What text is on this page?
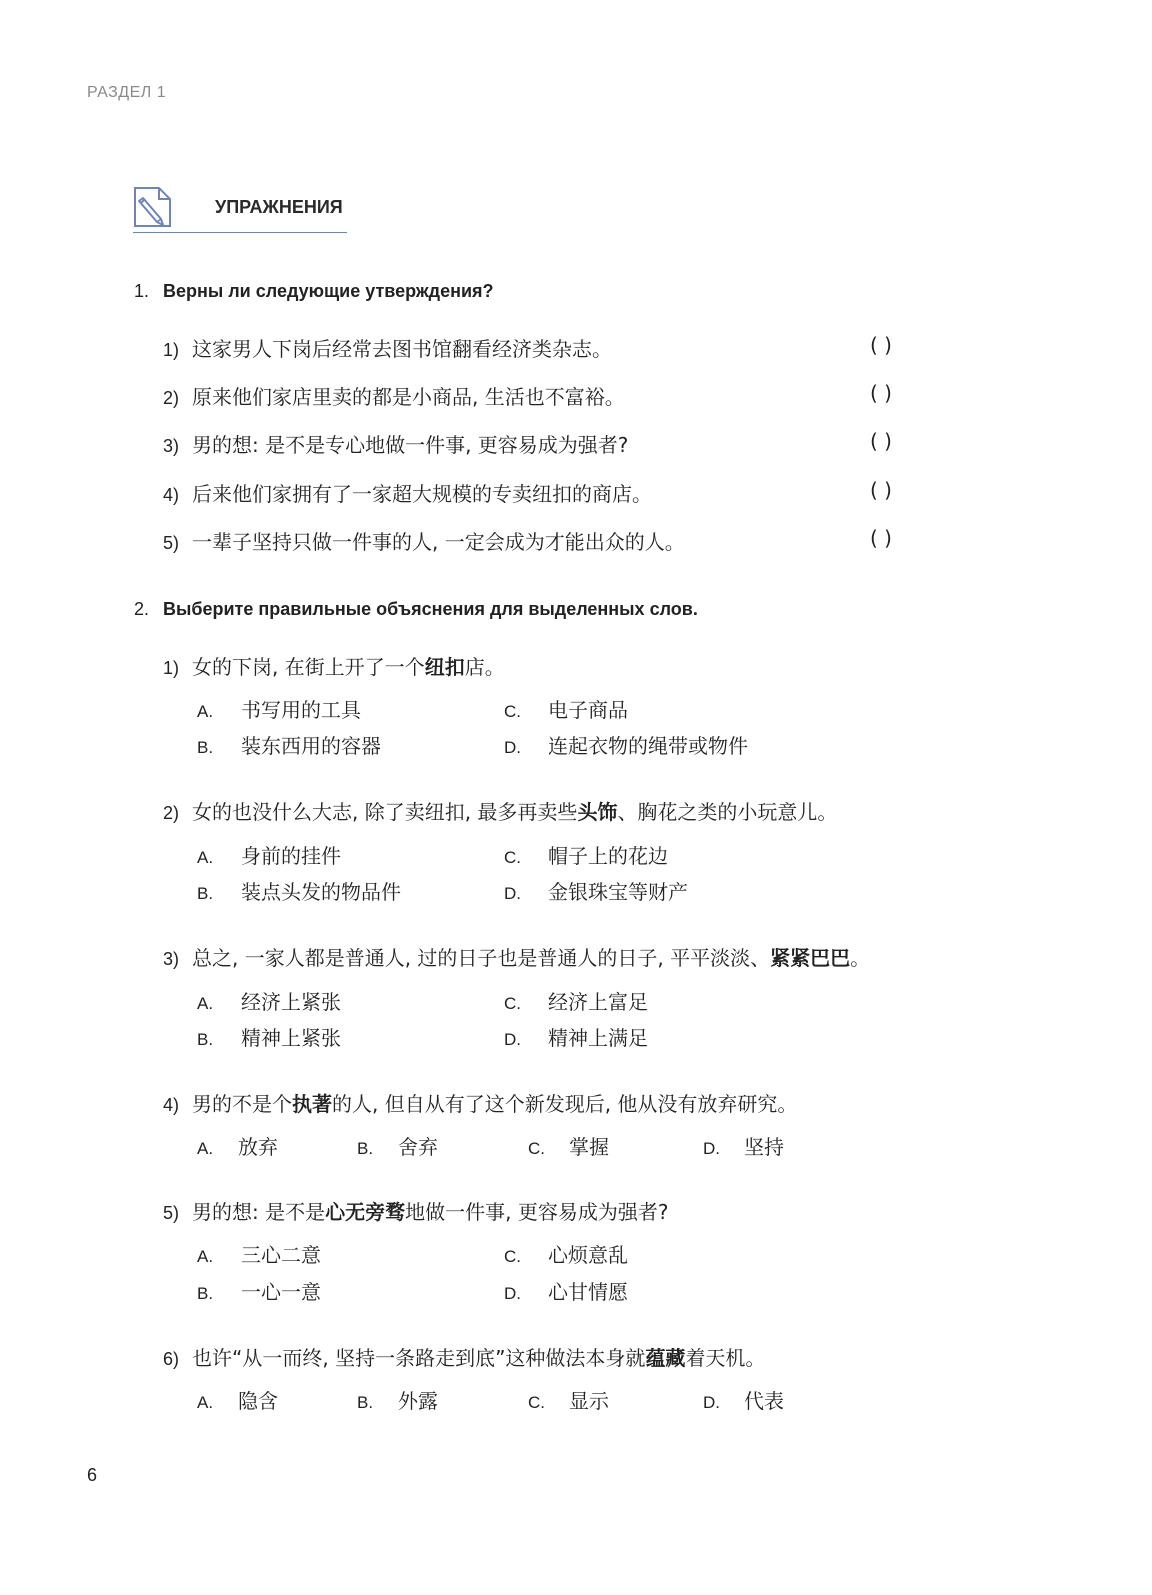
РАЗДЕЛ 1
УПРАЖНЕНИЯ
1. Верны ли следующие утверждения?
1) 这家男人下岗后经常去图书馆翻看经济类杂志。	( )
2) 原来他们家店里卖的都是小商品, 生活也不富裕。	( )
3) 男的想: 是不是专心地做一件事, 更容易成为强者?	( )
4) 后来他们家拥有了一家超大规模的专卖纽扣的商店。	( )
5) 一辈子坚持只做一件事的人, 一定会成为才能出众的人。	( )
2. Выберите правильные объяснения для выделенных слов.
1) 女的下岗, 在街上开了一个纽扣店。
A. 书写用的工具	C. 电子商品
B. 装东西用的容器	D. 连起衣物的绳带或物件
2) 女的也没什么大志, 除了卖纽扣, 最多再卖些头饰、胸花之类的小玩意儿。
A. 身前的挂件	C. 帽子上的花边
B. 装点头发的物品件	D. 金银珠宝等财产
3) 总之, 一家人都是普通人, 过的日子也是普通人的日子, 平平淡淡、紧紧巴巴。
A. 经济上紧张	C. 经济上富足
B. 精神上紧张	D. 精神上满足
4) 男的不是个执著的人, 但自从有了这个新发现后, 他从没有放弃研究。
A. 放弃	B. 舍弃	C. 掌握	D. 坚持
5) 男的想: 是不是心无旁骛地做一件事, 更容易成为强者?
A. 三心二意	C. 心烦意乱
B. 一心一意	D. 心甘情愿
6) 也许“从一而终, 坚持一条路走到底”这种做法本身就蕴藏着天机。
A. 隐含	B. 外露	C. 显示	D. 代表
6
